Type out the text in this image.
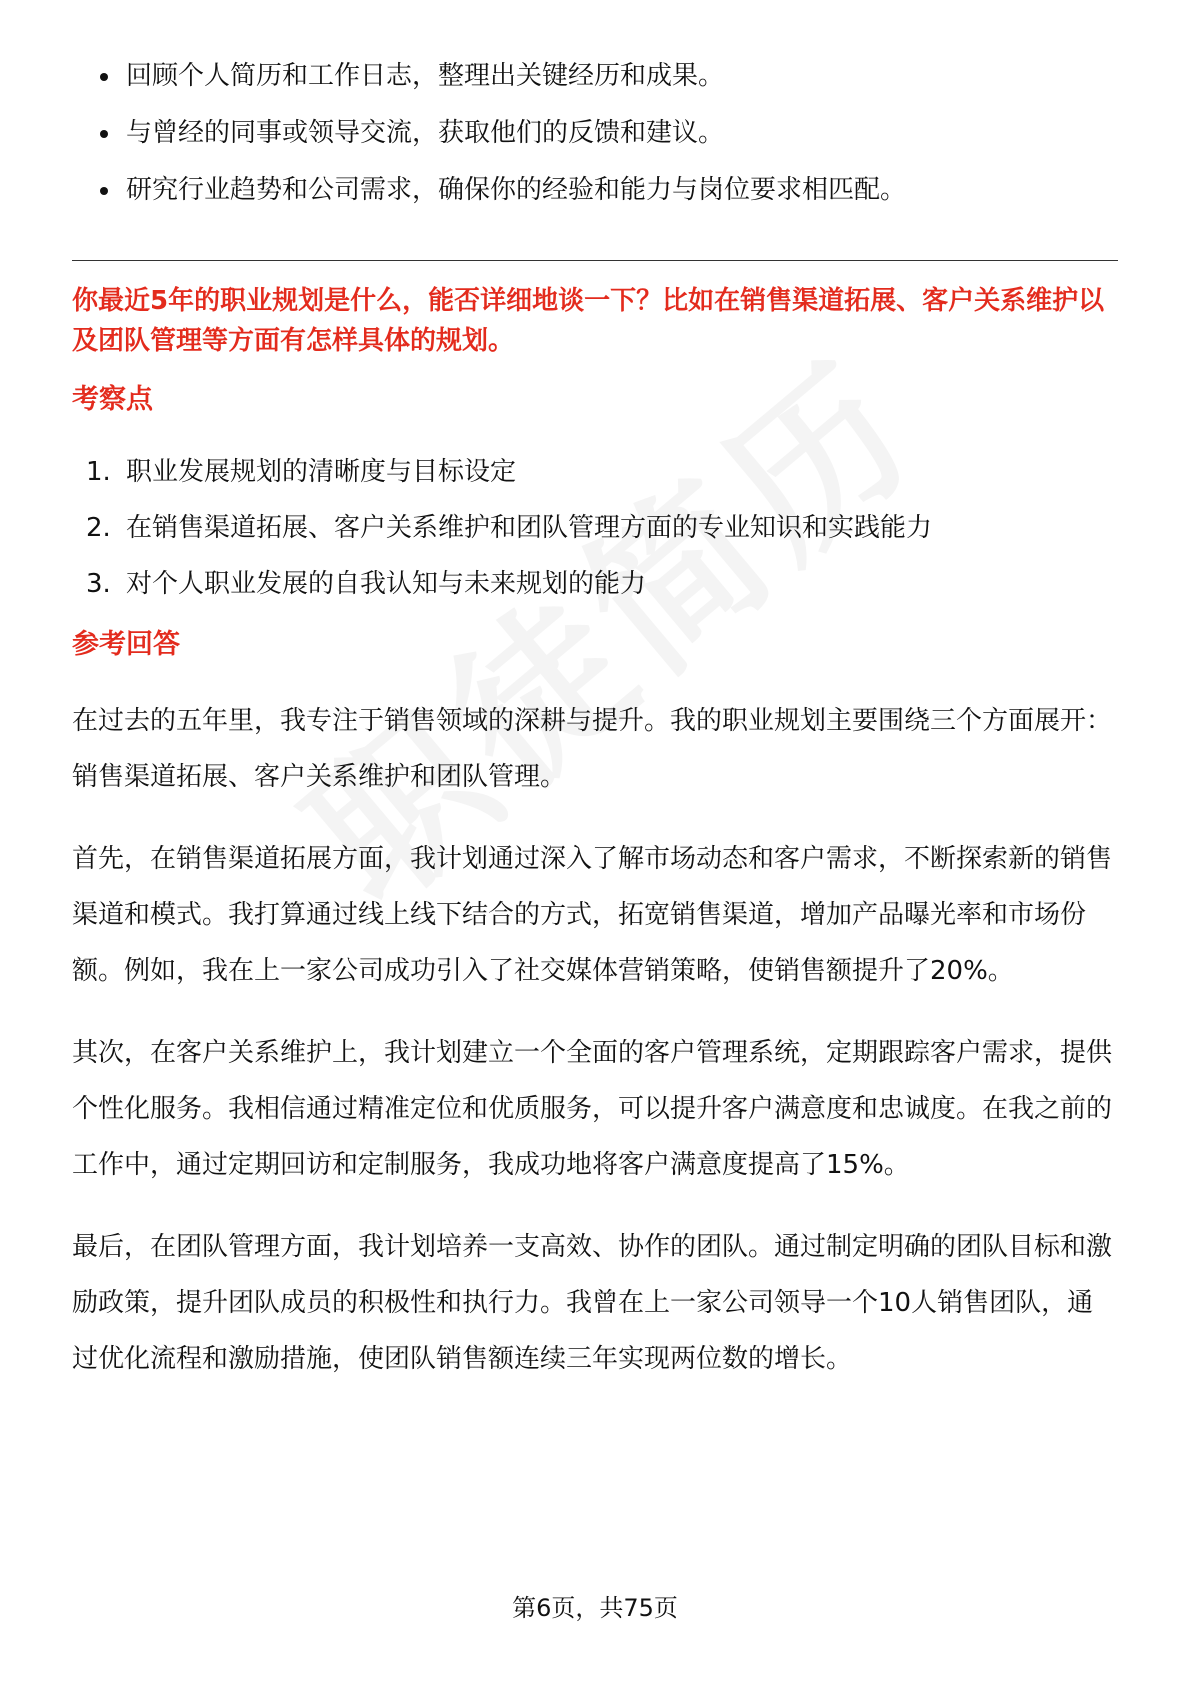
回顾个人简历和工作日志，整理出关键经历和成果。
与曾经的同事或领导交流，获取他们的反馈和建议。
研究行业趋势和公司需求，确保你的经验和能力与岗位要求相匹配。
你最近5年的职业规划是什么，能否详细地谈一下？比如在销售渠道拓展、客户关系维护以及团队管理等方面有怎样具体的规划。
考察点
1. 职业发展规划的清晰度与目标设定
2. 在销售渠道拓展、客户关系维护和团队管理方面的专业知识和实践能力
3. 对个人职业发展的自我认知与未来规划的能力
参考回答

在过去的五年里，我专注于销售领域的深耕与提升。我的职业规划主要围绕三个方面展开：销售渠道拓展、客户关系维护和团队管理。

首先，在销售渠道拓展方面，我计划通过深入了解市场动态和客户需求，不断探索新的销售渠道和模式。我打算通过线上线下结合的方式，拓宽销售渠道，增加产品曝光率和市场份额。例如，我在上一家公司成功引入了社交媒体营销策略，使销售额提升了20%。

其次，在客户关系维护上，我计划建立一个全面的客户管理系统，定期跟踪客户需求，提供个性化服务。我相信通过精准定位和优质服务，可以提升客户满意度和忠诚度。在我之前的工作中，通过定期回访和定制服务，我成功地将客户满意度提高了15%。

最后，在团队管理方面，我计划培养一支高效、协作的团队。通过制定明确的团队目标和激励政策，提升团队成员的积极性和执行力。我曾在上一家公司领导一个10人销售团队，通过优化流程和激励措施，使团队销售额连续三年实现两位数的增长。

第6页，共75页
